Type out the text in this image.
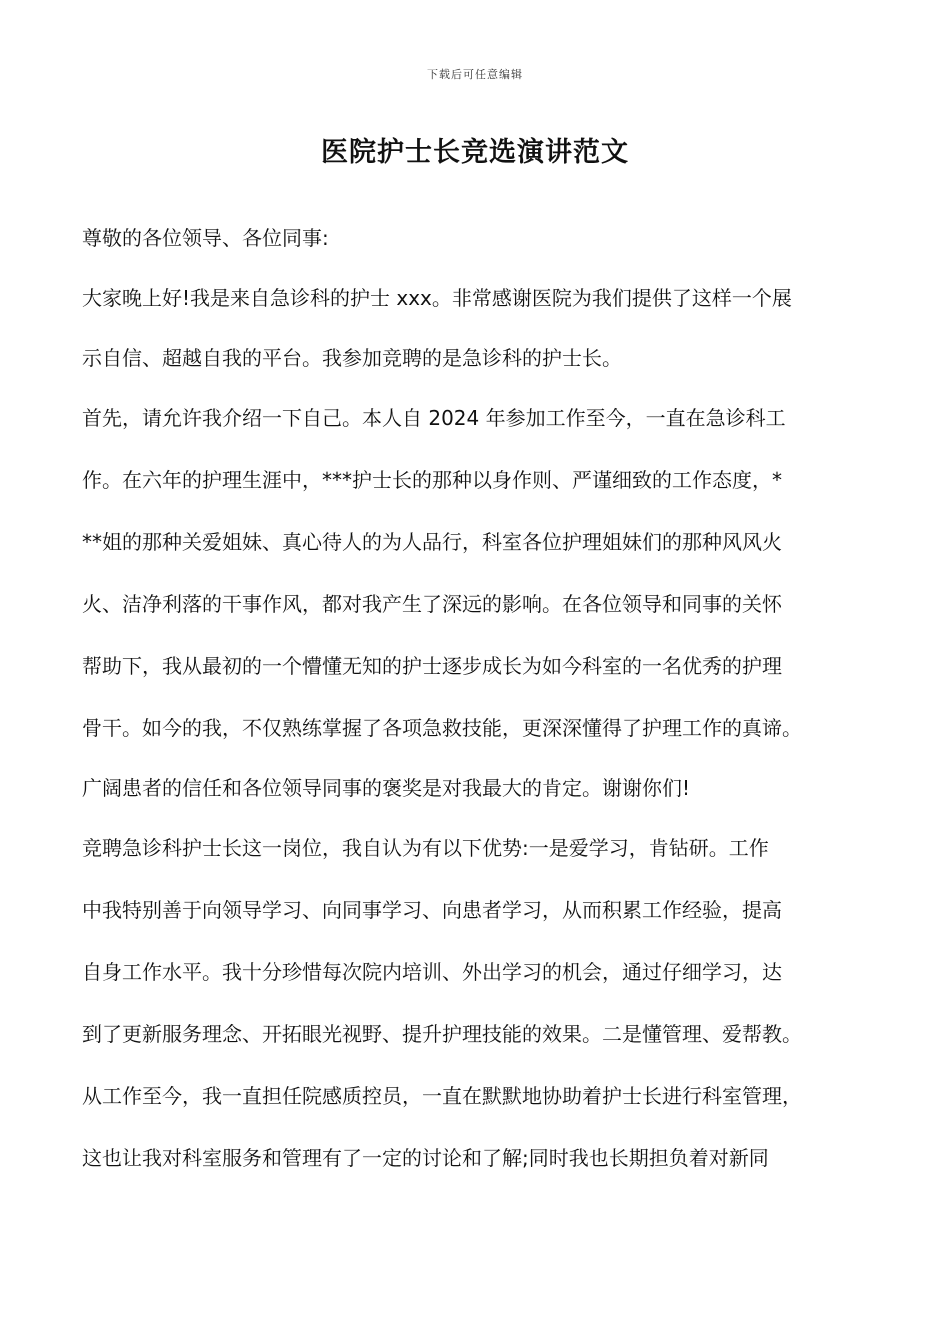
下载后可任意编辑
医院护士长竞选演讲范文

尊敬的各位领导、各位同事:

大家晚上好!我是来自急诊科的护士 xxx。非常感谢医院为我们提供了这样一个展

示自信、超越自我的平台。我参加竞聘的是急诊科的护士长。

首先，请允许我介绍一下自己。本人自 2024 年参加工作至今，一直在急诊科工

作。在六年的护理生涯中，***护士长的那种以身作则、严谨细致的工作态度，*

**姐的那种关爱姐妹、真心待人的为人品行，科室各位护理姐妹们的那种风风火

火、洁净利落的干事作风，都对我产生了深远的影响。在各位领导和同事的关怀

帮助下，我从最初的一个懵懂无知的护士逐步成长为如今科室的一名优秀的护理

骨干。如今的我，不仅熟练掌握了各项急救技能，更深深懂得了护理工作的真谛。

广阔患者的信任和各位领导同事的褒奖是对我最大的肯定。谢谢你们!

竞聘急诊科护士长这一岗位，我自认为有以下优势:一是爱学习，肯钻研。工作

中我特别善于向领导学习、向同事学习、向患者学习，从而积累工作经验，提高

自身工作水平。我十分珍惜每次院内培训、外出学习的机会，通过仔细学习，达

到了更新服务理念、开拓眼光视野、提升护理技能的效果。二是懂管理、爱帮教。

从工作至今，我一直担任院感质控员，一直在默默地协助着护士长进行科室管理，

这也让我对科室服务和管理有了一定的讨论和了解;同时我也长期担负着对新同
